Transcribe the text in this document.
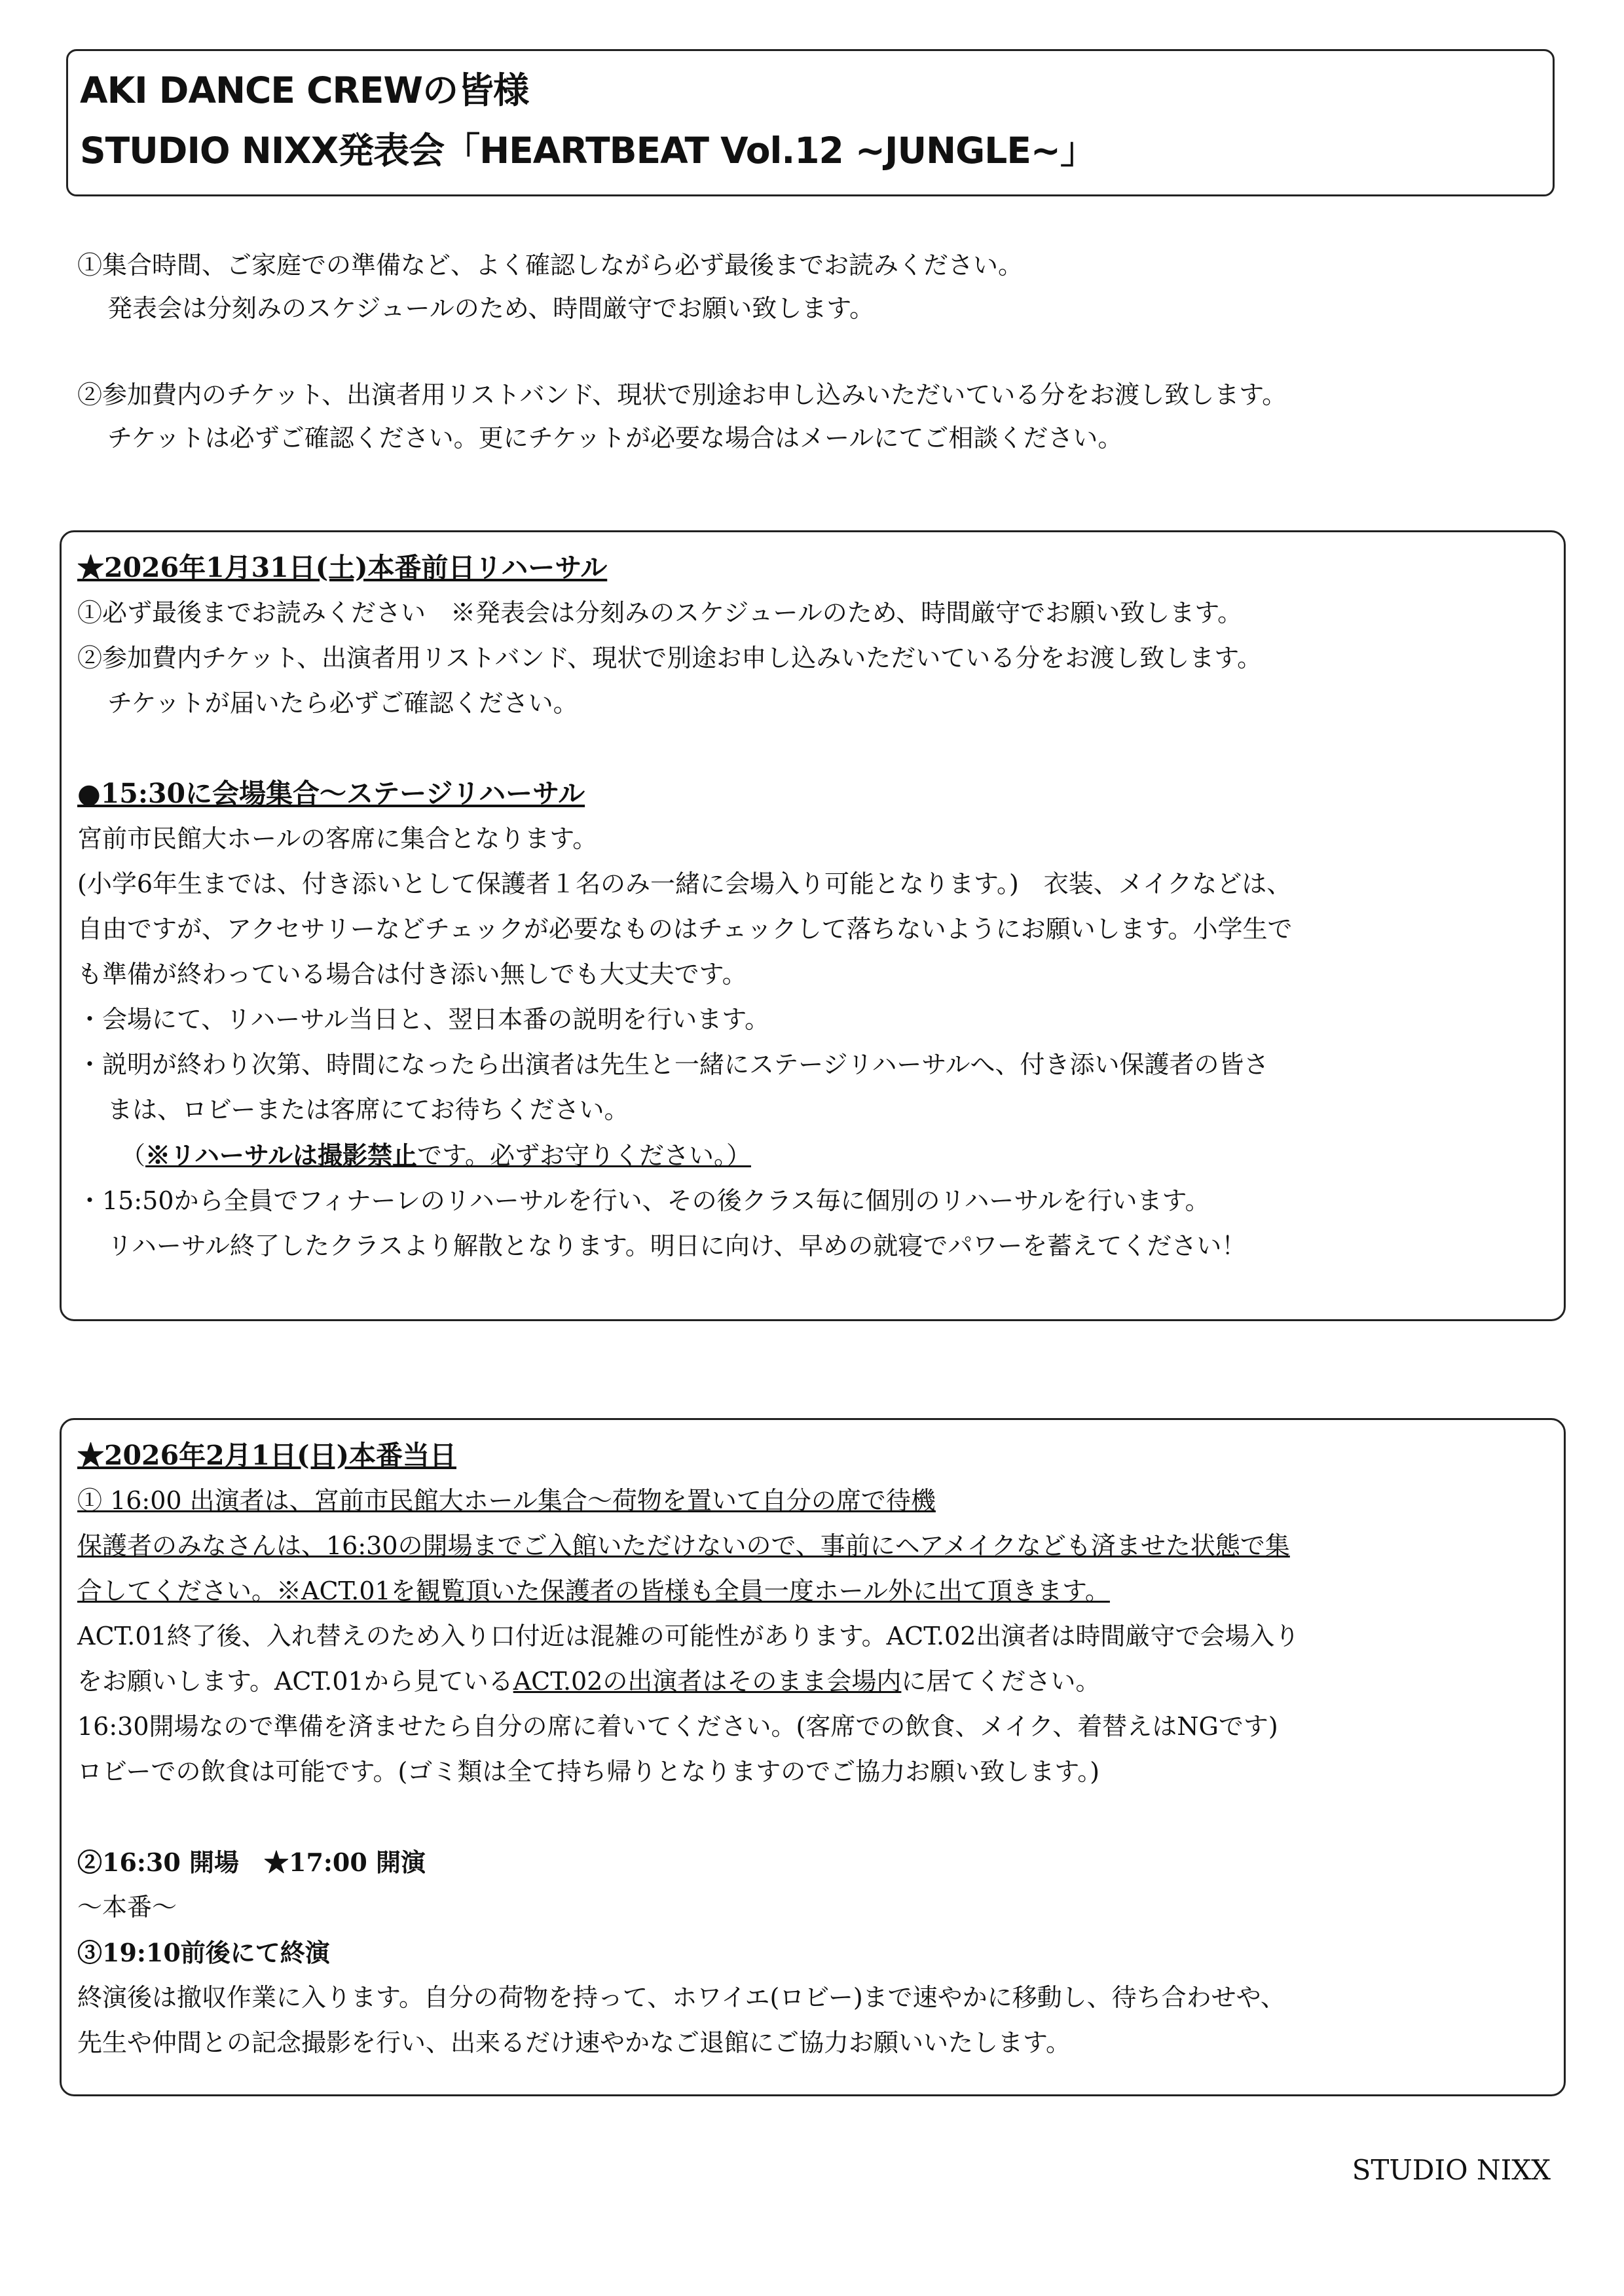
AKI DANCE CREWの皆様
STUDIO NIXX発表会「HEARTBEAT Vol.12 ~JUNGLE~」

①集合時間、ご家庭での準備など、よく確認しながら必ず最後までお読みください。

発表会は分刻みのスケジュールのため、時間厳守でお願い致します。

②参加費内のチケット、出演者用リストバンド、現状で別途お申し込みいただいている分をお渡し致します。

チケットは必ずご確認ください。更にチケットが必要な場合はメールにてご相談ください。

★2026年1月31日(土)本番前日リハーサル

①必ず最後までお読みください　※発表会は分刻みのスケジュールのため、時間厳守でお願い致します。

②参加費内チケット、出演者用リストバンド、現状で別途お申し込みいただいている分をお渡し致します。

チケットが届いたら必ずご確認ください。

●15:30に会場集合〜ステージリハーサル

宮前市民館大ホールの客席に集合となります。

(小学6年生までは、付き添いとして保護者１名のみ一緒に会場入り可能となります。)　衣装、メイクなどは、

自由ですが、アクセサリーなどチェックが必要なものはチェックして落ちないようにお願いします。小学生で

も準備が終わっている場合は付き添い無しでも大丈夫です。

・会場にて、リハーサル当日と、翌日本番の説明を行います。

・説明が終わり次第、時間になったら出演者は先生と一緒にステージリハーサルへ、付き添い保護者の皆さ

まは、ロビーまたは客席にてお待ちください。

（※リハーサルは撮影禁止です。必ずお守りください。）

・15:50から全員でフィナーレのリハーサルを行い、その後クラス毎に個別のリハーサルを行います。

リハーサル終了したクラスより解散となります。明日に向け、早めの就寝でパワーを蓄えてください！

★2026年2月1日(日)本番当日

① 16:00 出演者は、宮前市民館大ホール集合〜荷物を置いて自分の席で待機

保護者のみなさんは、16:30の開場までご入館いただけないので、事前にヘアメイクなども済ませた状態で集

合してください。※ACT.01を観覧頂いた保護者の皆様も全員一度ホール外に出て頂きます。

ACT.01終了後、入れ替えのため入り口付近は混雑の可能性があります。ACT.02出演者は時間厳守で会場入り

をお願いします。ACT.01から見ているACT.02の出演者はそのまま会場内に居てください。

16:30開場なので準備を済ませたら自分の席に着いてください。(客席での飲食、メイク、着替えはNGです)

ロビーでの飲食は可能です。(ゴミ類は全て持ち帰りとなりますのでご協力お願い致します。)

②16:30 開場　★17:00 開演

〜本番〜

③19:10前後にて終演

終演後は撤収作業に入ります。自分の荷物を持って、ホワイエ(ロビー)まで速やかに移動し、待ち合わせや、

先生や仲間との記念撮影を行い、出来るだけ速やかなご退館にご協力お願いいたします。

STUDIO NIXX
